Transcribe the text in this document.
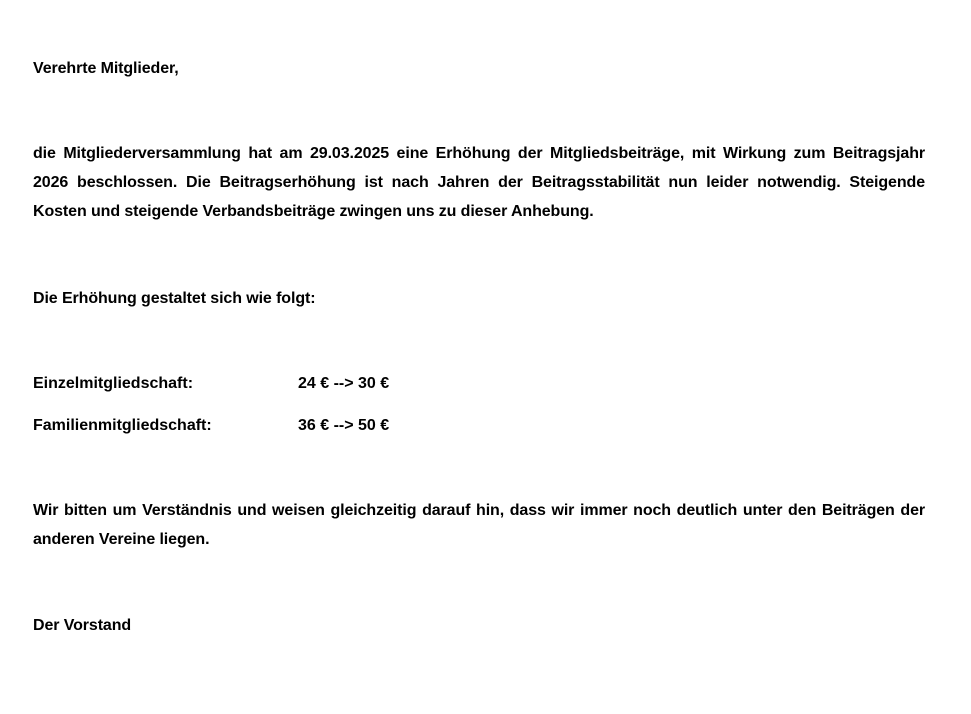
Verehrte Mitglieder,
die Mitgliederversammlung hat am 29.03.2025 eine Erhöhung der Mitgliedsbeiträge, mit Wirkung zum Beitragsjahr 2026 beschlossen. Die Beitragserhöhung ist nach Jahren der Beitragsstabilität nun leider notwendig. Steigende Kosten und steigende Verbandsbeiträge zwingen uns zu dieser Anhebung.
Die Erhöhung gestaltet sich wie folgt:
Einzelmitgliedschaft:	24 € --> 30 €
Familienmitgliedschaft:	36 € --> 50 €
Wir bitten um Verständnis und weisen gleichzeitig darauf hin, dass wir immer noch deutlich unter den Beiträgen der anderen Vereine liegen.
Der Vorstand
